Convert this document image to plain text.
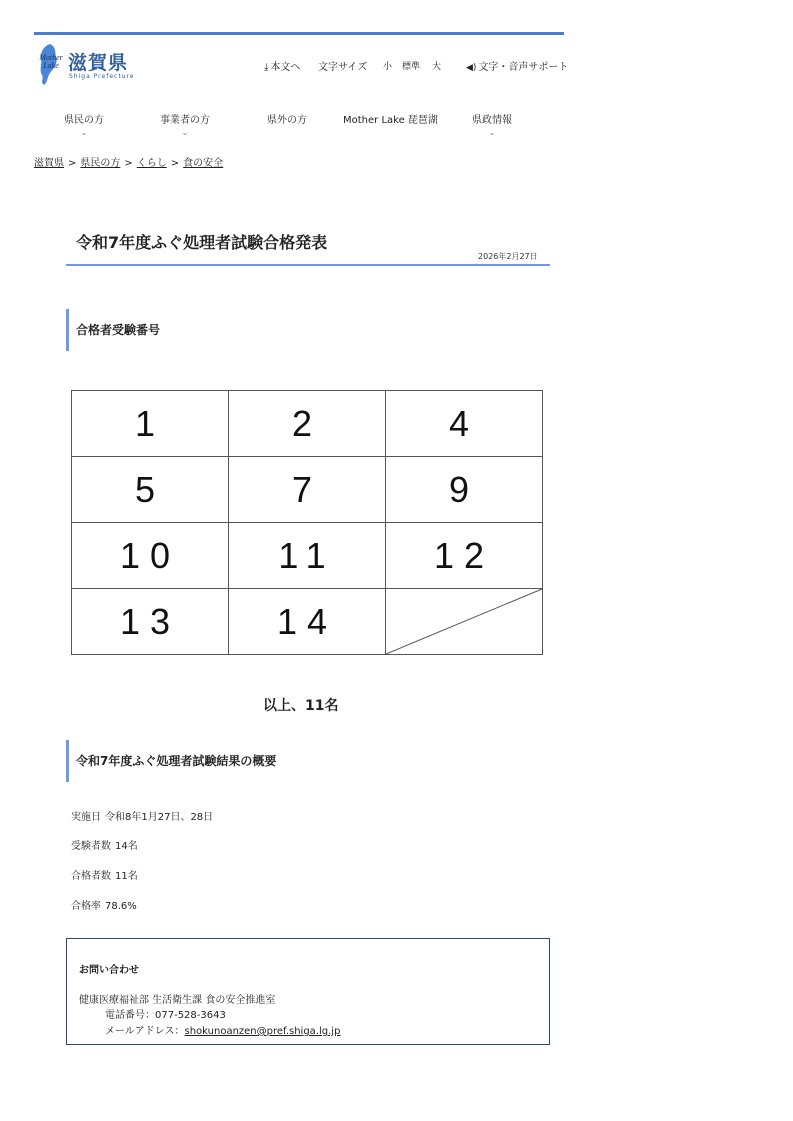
Mother Lake 滋賀県
Shiga Prefecture
⤓ 本文へ 文字サイズ 小 標準 大	◀) 文字・音声サポート
県民の方
⌄
事業者の方
⌄
県外の方	Mother Lake 琵琶湖	県政情報
⌄
滋賀県 > 県民の方 > くらし > 食の安全
令和7年度ふぐ処理者試験合格発表
2026年2月27日
合格者受験番号
1	2	4
5	7	9
10	11	12
13	14	
以上、11名
令和7年度ふぐ処理者試験結果の概要
実施日 令和8年1月27日、28日
受験者数 14名
合格者数 11名
合格率 78.6%
お問い合わせ
健康医療福祉部 生活衛生課 食の安全推進室
電話番号：077-528-3643
メールアドレス：shokunoanzen@pref.shiga.lg.jp
